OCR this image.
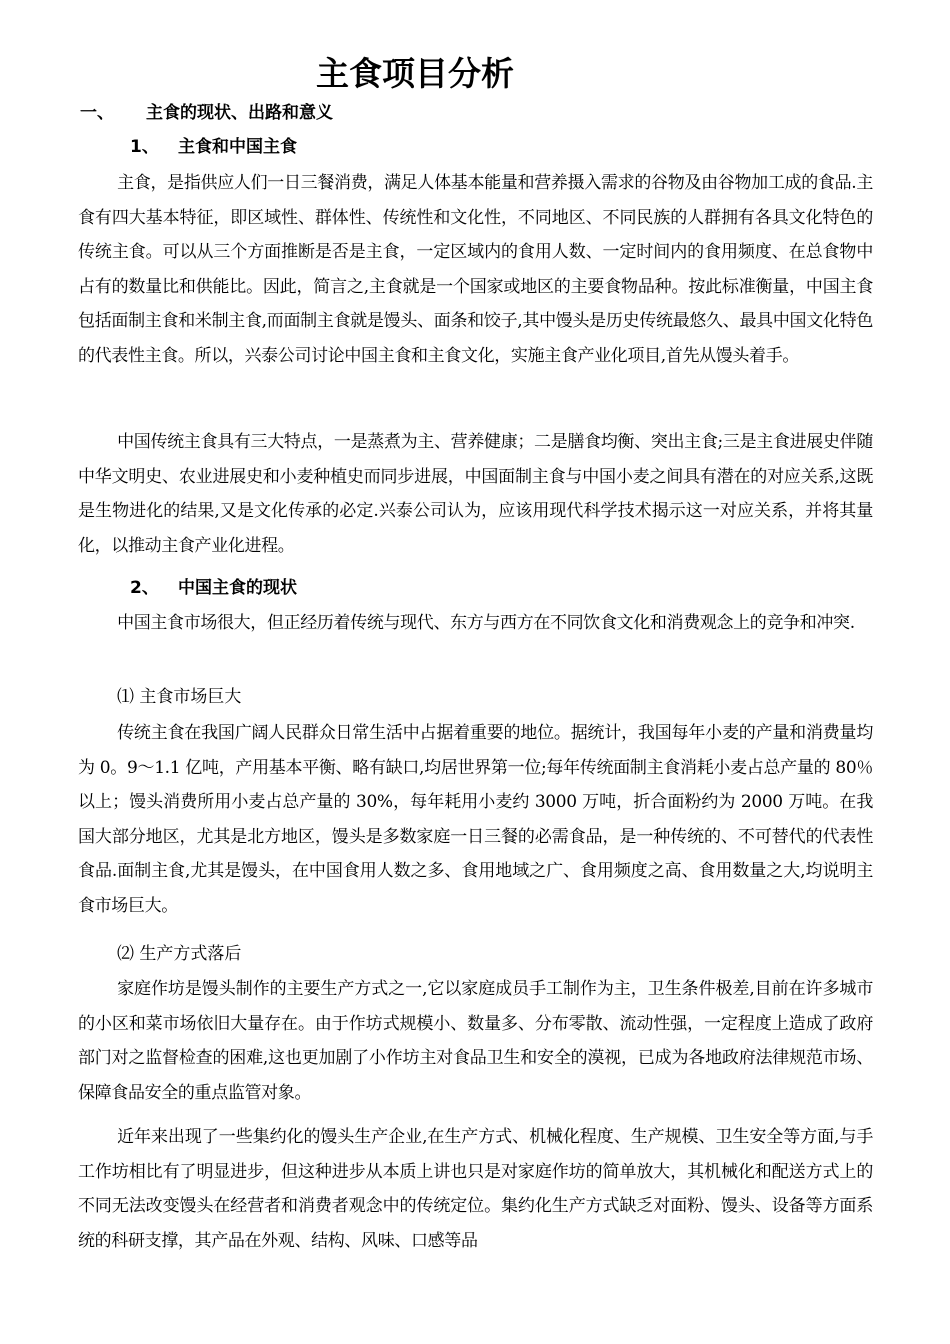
主食项目分析
一、 主食的现状、出路和意义
1、 主食和中国主食

主食，是指供应人们一日三餐消费，满足人体基本能量和营养摄入需求的谷物及由谷物加工成的食品.主食有四大基本特征，即区域性、群体性、传统性和文化性，不同地区、不同民族的人群拥有各具文化特色的传统主食。可以从三个方面推断是否是主食，一定区域内的食用人数、一定时间内的食用频度、在总食物中占有的数量比和供能比。因此，简言之,主食就是一个国家或地区的主要食物品种。按此标准衡量，中国主食包括面制主食和米制主食,而面制主食就是馒头、面条和饺子,其中馒头是历史传统最悠久、最具中国文化特色的代表性主食。所以，兴泰公司讨论中国主食和主食文化，实施主食产业化项目,首先从馒头着手。

中国传统主食具有三大特点，一是蒸煮为主、营养健康；二是膳食均衡、突出主食;三是主食进展史伴随中华文明史、农业进展史和小麦种植史而同步进展，中国面制主食与中国小麦之间具有潜在的对应关系,这既是生物进化的结果,又是文化传承的必定.兴泰公司认为，应该用现代科学技术揭示这一对应关系，并将其量化，以推动主食产业化进程。

2、 中国主食的现状

中国主食市场很大，但正经历着传统与现代、东方与西方在不同饮食文化和消费观念上的竞争和冲突.

⑴ 主食市场巨大

传统主食在我国广阔人民群众日常生活中占据着重要的地位。据统计，我国每年小麦的产量和消费量均为 0。9～1.1 亿吨，产用基本平衡、略有缺口,均居世界第一位;每年传统面制主食消耗小麦占总产量的 80％以上；馒头消费所用小麦占总产量的 30%，每年耗用小麦约 3000 万吨，折合面粉约为 2000 万吨。在我国大部分地区，尤其是北方地区，馒头是多数家庭一日三餐的必需食品，是一种传统的、不可替代的代表性食品.面制主食,尤其是馒头，在中国食用人数之多、食用地域之广、食用频度之高、食用数量之大,均说明主食市场巨大。

⑵ 生产方式落后

家庭作坊是馒头制作的主要生产方式之一,它以家庭成员手工制作为主，卫生条件极差,目前在许多城市的小区和菜市场依旧大量存在。由于作坊式规模小、数量多、分布零散、流动性强，一定程度上造成了政府部门对之监督检查的困难,这也更加剧了小作坊主对食品卫生和安全的漠视，已成为各地政府法律规范市场、保障食品安全的重点监管对象。

近年来出现了一些集约化的馒头生产企业,在生产方式、机械化程度、生产规模、卫生安全等方面,与手工作坊相比有了明显进步，但这种进步从本质上讲也只是对家庭作坊的简单放大，其机械化和配送方式上的不同无法改变馒头在经营者和消费者观念中的传统定位。集约化生产方式缺乏对面粉、馒头、设备等方面系统的科研支撑，其产品在外观、结构、风味、口感等品
